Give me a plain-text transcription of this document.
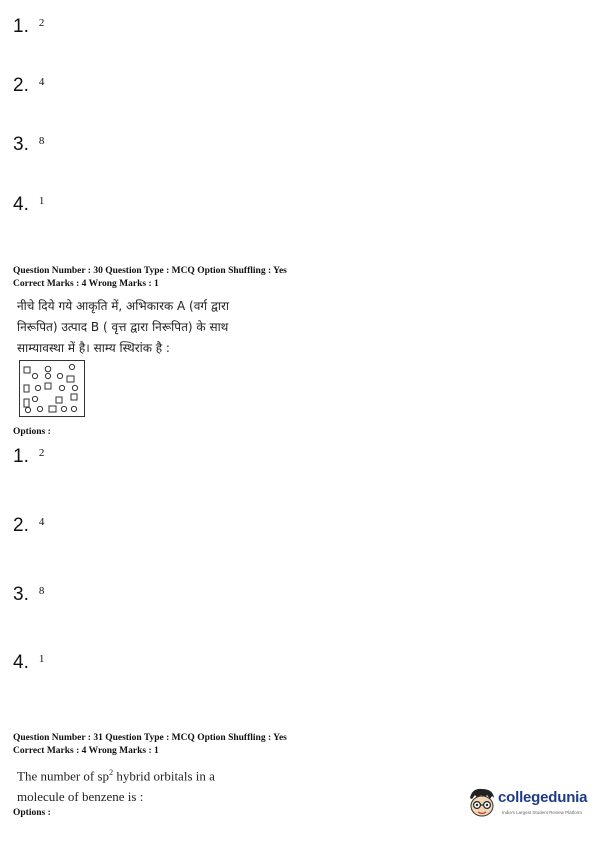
1. 2
2. 4
3. 8
4. 1
Question Number : 30 Question Type : MCQ Option Shuffling : Yes
Correct Marks : 4 Wrong Marks : 1
नीचे दिये गये आकृति में, अभिकारक A (वर्ग द्वारा
निरूपित) उत्पाद B ( वृत्त द्वारा निरूपित) के साथ
साम्यावस्था में है। साम्य स्थिरांक है :
Options :
1. 2
2. 4
3. 8
4. 1
Question Number : 31 Question Type : MCQ Option Shuffling : Yes
Correct Marks : 4 Wrong Marks : 1
The number of $sp^2$ hybrid orbitals in a
molecule of benzene is :
Options :
collegedunia
India's Largest Student Review Platform
